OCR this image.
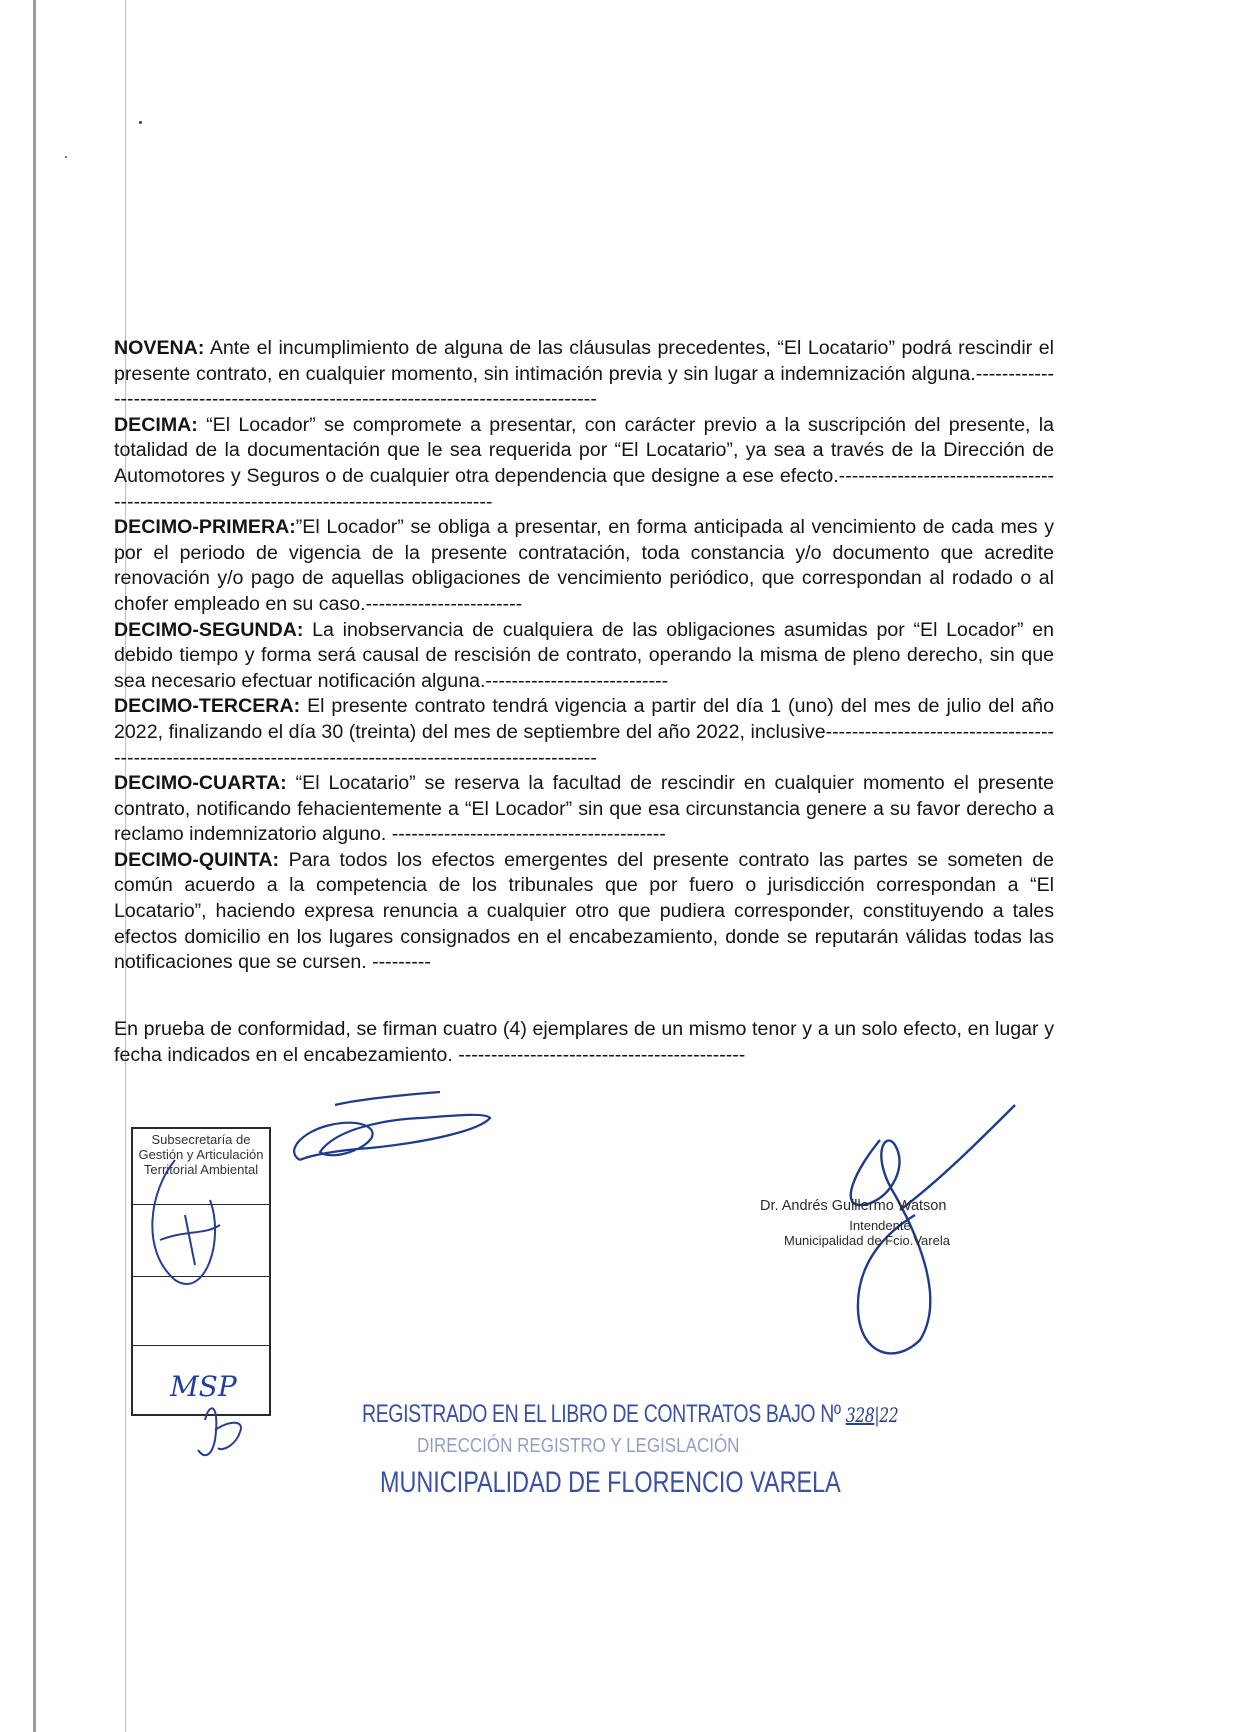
NOVENA: Ante el incumplimiento de alguna de las cláusulas precedentes, “El Locatario” podrá rescindir el presente contrato, en cualquier momento, sin intimación previa y sin lugar a indemnización alguna.--------------------------------------------------------------------------------------

DECIMA: “El Locador” se compromete a presentar, con carácter previo a la suscripción del presente, la totalidad de la documentación que le sea requerida por “El Locatario”, ya sea a través de la Dirección de Automotores y Seguros o de cualquier otra dependencia que designe a ese efecto.-------------------------------------------------------------------------------------------

DECIMO-PRIMERA:”El Locador” se obliga a presentar, en forma anticipada al vencimiento de cada mes y por el periodo de vigencia de la presente contratación, toda constancia y/o documento que acredite renovación y/o pago de aquellas obligaciones de vencimiento periódico, que correspondan al rodado o al chofer empleado en su caso.------------------------

DECIMO-SEGUNDA: La inobservancia de cualquiera de las obligaciones asumidas por “El Locador” en debido tiempo y forma será causal de rescisión de contrato, operando la misma de pleno derecho, sin que sea necesario efectuar notificación alguna.----------------------------

DECIMO-TERCERA: El presente contrato tendrá vigencia a partir del día 1 (uno) del mes de julio del año 2022, finalizando el día 30 (treinta) del mes de septiembre del año 2022, inclusive-------------------------------------------------------------------------------------------------------------

DECIMO-CUARTA: “El Locatario” se reserva la facultad de rescindir en cualquier momento el presente contrato, notificando fehacientemente a “El Locador” sin que esa circunstancia genere a su favor derecho a reclamo indemnizatorio alguno. ------------------------------------------

DECIMO-QUINTA: Para todos los efectos emergentes del presente contrato las partes se someten de común acuerdo a la competencia de los tribunales que por fuero o jurisdicción correspondan a “El Locatario”, haciendo expresa renuncia a cualquier otro que pudiera corresponder, constituyendo a tales efectos domicilio en los lugares consignados en el encabezamiento, donde se reputarán válidas todas las notificaciones que se cursen. ---------

En prueba de conformidad, se firman cuatro (4) ejemplares de un mismo tenor y a un solo efecto, en lugar y fecha indicados en el encabezamiento. --------------------------------------------

Subsecretaría de Gestión y Articulación Territorial Ambiental
MSP
Dr. Andrés Guillermo Watson
Intendente
Municipalidad de Fcio.Varela
REGISTRADO EN EL LIBRO DE CONTRATOS BAJO Nº 328|22
DIRECCIÓN REGISTRO Y LEGISLACIÓN
MUNICIPALIDAD DE FLORENCIO VARELA
